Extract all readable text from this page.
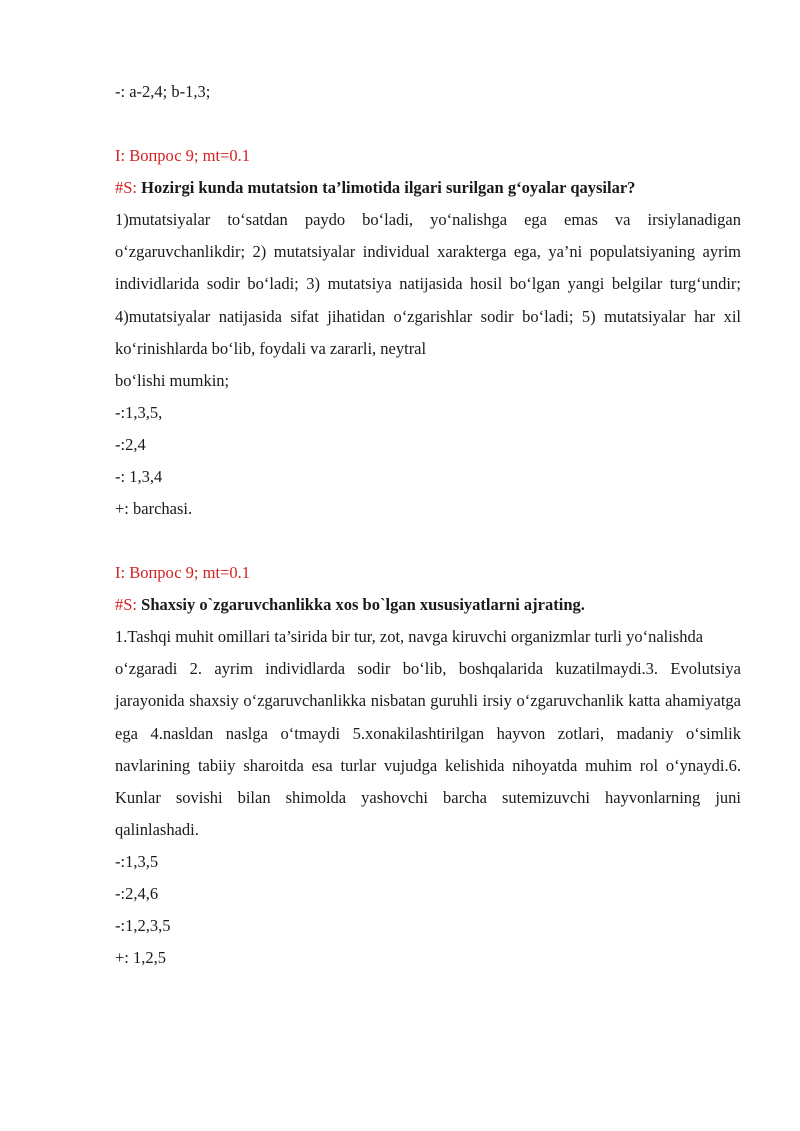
-: a-2,4; b-1,3;
I: Вопрос 9; mt=0.1
#S: Hozirgi kunda mutatsion ta’limotida ilgari surilgan g‘oyalar qaysilar?
1)mutatsiyalar to‘satdan paydo bo‘ladi, yo‘nalishga ega emas va irsiylanadigan o‘zgaruvchanlikdir; 2) mutatsiyalar individual xarakterga ega, ya’ni populatsiyaning ayrim individlarida sodir bo‘ladi; 3) mutatsiya natijasida hosil bo‘lgan yangi belgilar turg‘undir; 4)mutatsiyalar natijasida sifat jihatidan o‘zgarishlar sodir bo‘ladi; 5) mutatsiyalar har xil ko‘rinishlarda bo‘lib, foydali va zararli, neytral
bo‘lishi mumkin;
-:1,3,5,
-:2,4
-: 1,3,4
+: barchasi.
I: Вопрос 9; mt=0.1
#S: Shaxsiy o`zgaruvchanlikka xos bo`lgan xususiyatlarni ajrating.
1.Tashqi muhit omillari ta’sirida bir tur, zot, navga kiruvchi organizmlar turli yo‘nalishda
o‘zgaradi 2. ayrim individlarda sodir bo‘lib, boshqalarida kuzatilmaydi.3. Evolutsiya jarayonida shaxsiy o‘zgaruvchanlikka nisbatan guruhli irsiy o‘zgaruvchanlik katta ahamiyatga ega 4.nasldan naslga o‘tmaydi 5.xonakilashtirilgan hayvon zotlari, madaniy o‘simlik navlarining tabiiy sharoitda esa turlar vujudga kelishida nihoyatda muhim rol o‘ynaydi.6. Kunlar sovishi bilan shimolda yashovchi barcha sutemizuvchi hayvonlarning juni qalinlashadi.
-:1,3,5
-:2,4,6
-:1,2,3,5
+: 1,2,5
